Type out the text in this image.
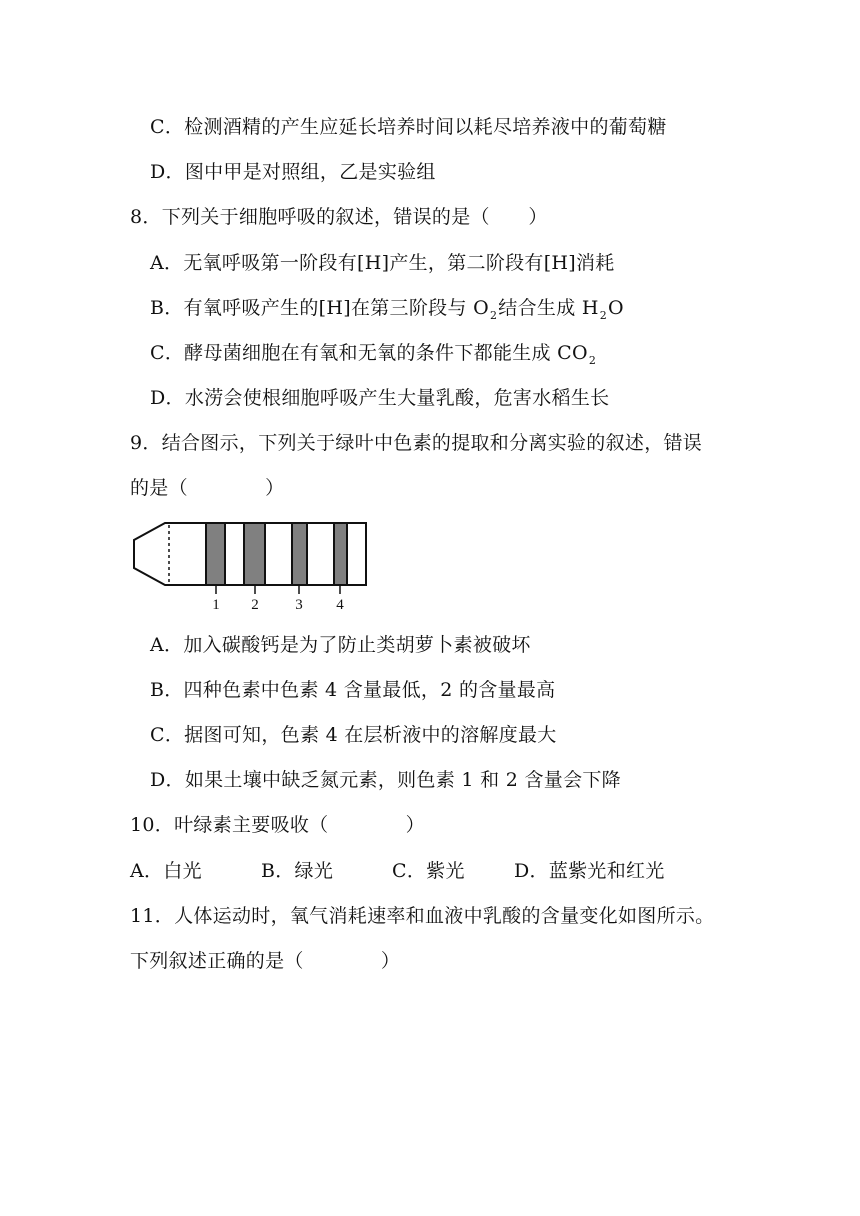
C．检测酒精的产生应延长培养时间以耗尽培养液中的葡萄糖
D．图中甲是对照组，乙是实验组
8．下列关于细胞呼吸的叙述，错误的是（　　）
A．无氧呼吸第一阶段有[H]产生，第二阶段有[H]消耗
B．有氧呼吸产生的[H]在第三阶段与 $O_2$结合生成 $H_2O$
C．酵母菌细胞在有氧和无氧的条件下都能生成 $CO_2$
D．水涝会使根细胞呼吸产生大量乳酸，危害水稻生长
9．结合图示，下列关于绿叶中色素的提取和分离实验的叙述，错误
的是（　　　　）
1 2 3 4
A．加入碳酸钙是为了防止类胡萝卜素被破坏
B．四种色素中色素 4 含量最低，2 的含量最高
C．据图可知，色素 4 在层析液中的溶解度最大
D．如果土壤中缺乏氮元素，则色素 1 和 2 含量会下降
10．叶绿素主要吸收（　　　　）
A．白光	B．绿光	C．紫光	D．蓝紫光和红光
11．人体运动时，氧气消耗速率和血液中乳酸的含量变化如图所示。
下列叙述正确的是（　　　　）
